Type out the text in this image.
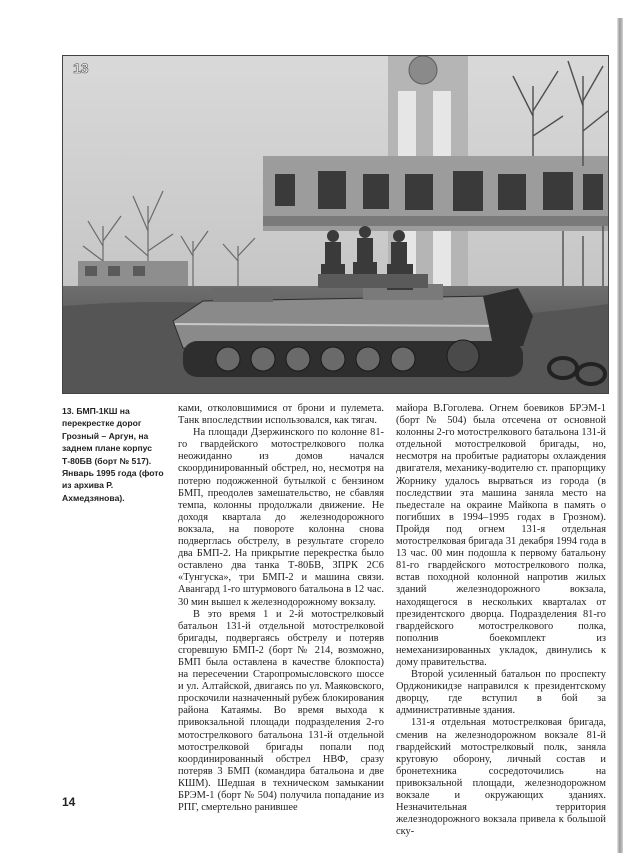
13
13. БМП-1КШ на перекрестке дорог Грозный – Аргун, на заднем плане корпус Т-80БВ (борт № 517). Январь 1995 года (фото из архива Р. Ахмедзянова).

ками, отколовшимися от брони и пулемета. Танк впоследствии использовался, как тягач.

На площади Дзержинского по колонне 81-го гвардейского мотострелкового полка неожиданно из домов начался скоординированный обстрел, но, несмотря на потерю подожженной бутылкой с бензином БМП, преодолев замешательство, не сбавляя темпа, колонны продолжали движение. Не доходя квартала до железнодорожного вокзала, на повороте колонна снова подверглась обстрелу, в результате сгорело два БМП-2. На прикрытие перекрестка было оставлено два танка Т-80БВ, ЗПРК 2С6 «Тунгуска», три БМП-2 и машина связи. Авангард 1-го штурмового батальона в 12 час. 30 мин вышел к железнодорожному вокзалу.

В это время 1 и 2-й мотострелковый батальон 131-й отдельной мотострелковой бригады, подвергаясь обстрелу и потеряв сгоревшую БМП-2 (борт № 214, возможно, БМП была оставлена в качестве блокпоста) на пересечении Старопромысловского шоссе и ул. Алтайской, двигаясь по ул. Маяковского, проскочили назначенный рубеж блокирования района Катаямы. Во время выхода к привокзальной площади подразделения 2-го мотострелкового батальона 131-й отдельной мотострелковой бригады попали под координированный обстрел НВФ, сразу потеряв 3 БМП (командира батальона и две КШМ). Шедшая в техническом замыкании БРЭМ-1 (борт № 504) получила попадание из РПГ, смертельно ранившее

майора В.Гоголева. Огнем боевиков БРЭМ-1 (борт № 504) была отсечена от основной колонны 2-го мотострелкового батальона 131-й отдельной мотострелковой бригады, но, несмотря на пробитые радиаторы охлаждения двигателя, механику-водителю ст. прапорщику Жорнику удалось вырваться из города (в последствии эта машина заняла место на пьедестале на окраине Майкопа в память о погибших в 1994–1995 годах в Грозном). Пройдя под огнем 131-я отдельная мотострелковая бригада 31 декабря 1994 года в 13 час. 00 мин подошла к первому батальону 81-го гвардейского мотострелкового полка, встав походной колонной напротив жилых зданий железнодорожного вокзала, находящегося в нескольких кварталах от президентского дворца. Подразделения 81-го гвардейского мотострелкового полка, пополнив боекомплект из немеханизированных укладок, двинулись к дому правительства.

Второй усиленный батальон по проспекту Орджоникидзе направился к президентскому дворцу, где вступил в бой за административные здания.

131-я отдельная мотострелковая бригада, сменив на железнодорожном вокзале 81-й гвардейский мотострелковый полк, заняла круговую оборону, личный состав и бронетехника сосредоточились на привокзальной площади, железнодорожном вокзале и окружающих зданиях. Незначительная территория железнодорожного вокзала привела к большой ску-

14
